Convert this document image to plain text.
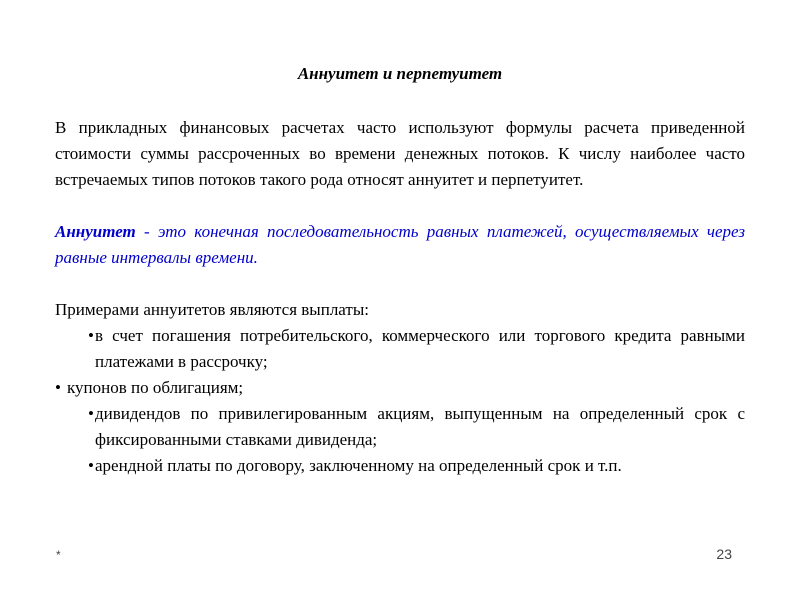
Аннуитет и перпетуитет

В прикладных финансовых расчетах часто используют формулы расчета приведенной стоимости суммы рассроченных во времени денежных потоков. К числу наиболее часто встречаемых типов потоков такого рода относят аннуитет и перпетуитет.

Аннуитет - это конечная последовательность равных платежей, осуществляемых через равные интервалы времени.

Примерами аннуитетов являются выплаты:

• в счет погашения потребительского, коммерческого или торгового кредита равными платежами в рассрочку;
• купонов по облигациям;
• дивидендов по привилегированным акциям, выпущенным на определенный срок с фиксированными ставками дивиденда;
• арендной платы по договору, заключенному на определенный срок и т.п.
*	23
